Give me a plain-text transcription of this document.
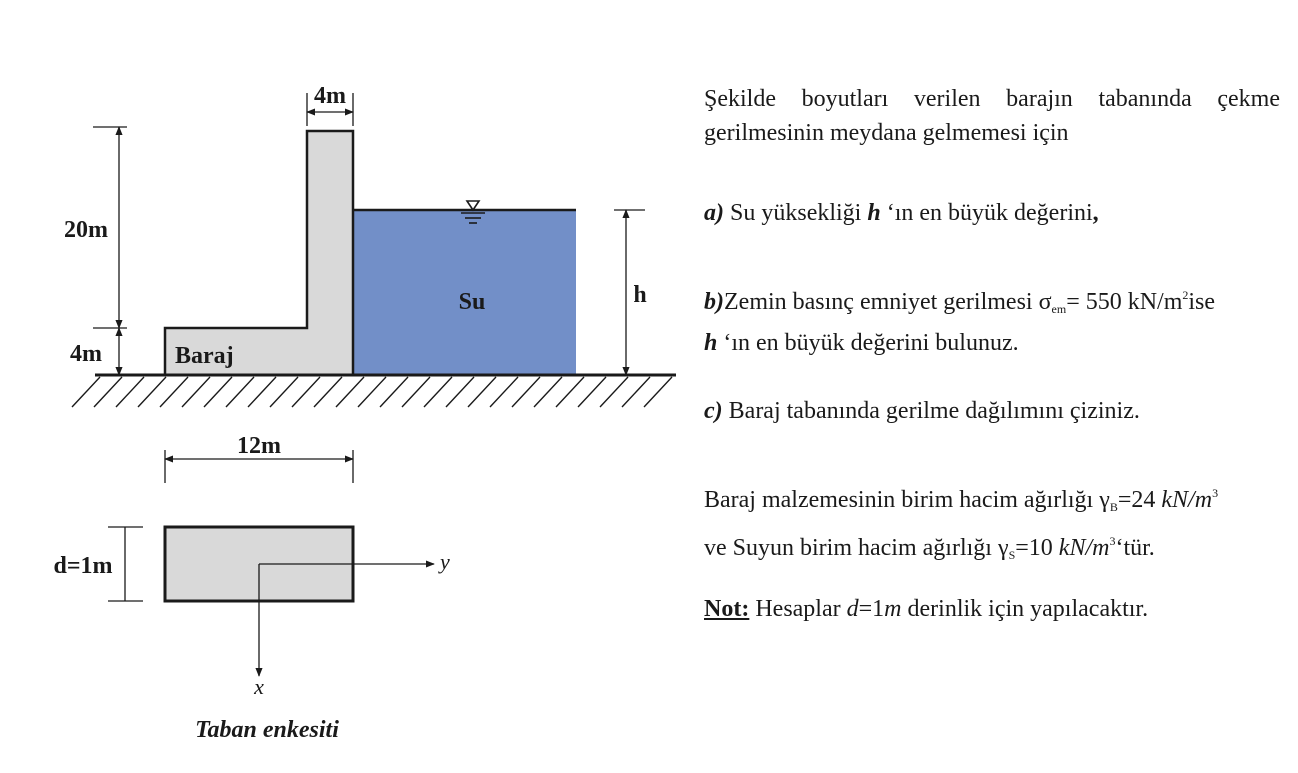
4m
20m
4m
h
Su
Baraj
12m
d=1m	y
x
Taban enkesiti

Şekilde boyutları verilen barajın tabanında çekme gerilmesinin meydana gelmemesi için

a) Su yüksekliği h ‘ın en büyük değerini,

b)Zemin basınç emniyet gerilmesi $\sigma_{em}= 550$ $kN/m^2ise$
h ‘ın en büyük değerini bulunuz.

c) Baraj tabanında gerilme dağılımını çiziniz.

Baraj malzemesinin birim hacim ağırlığı $\gamma_B=24$ $kN/m^3$
ve Suyun birim hacim ağırlığı $\gamma_S=10$ $kN/m^3‘tür$.

Not: Hesaplar d=1m derinlik için yapılacaktır.
